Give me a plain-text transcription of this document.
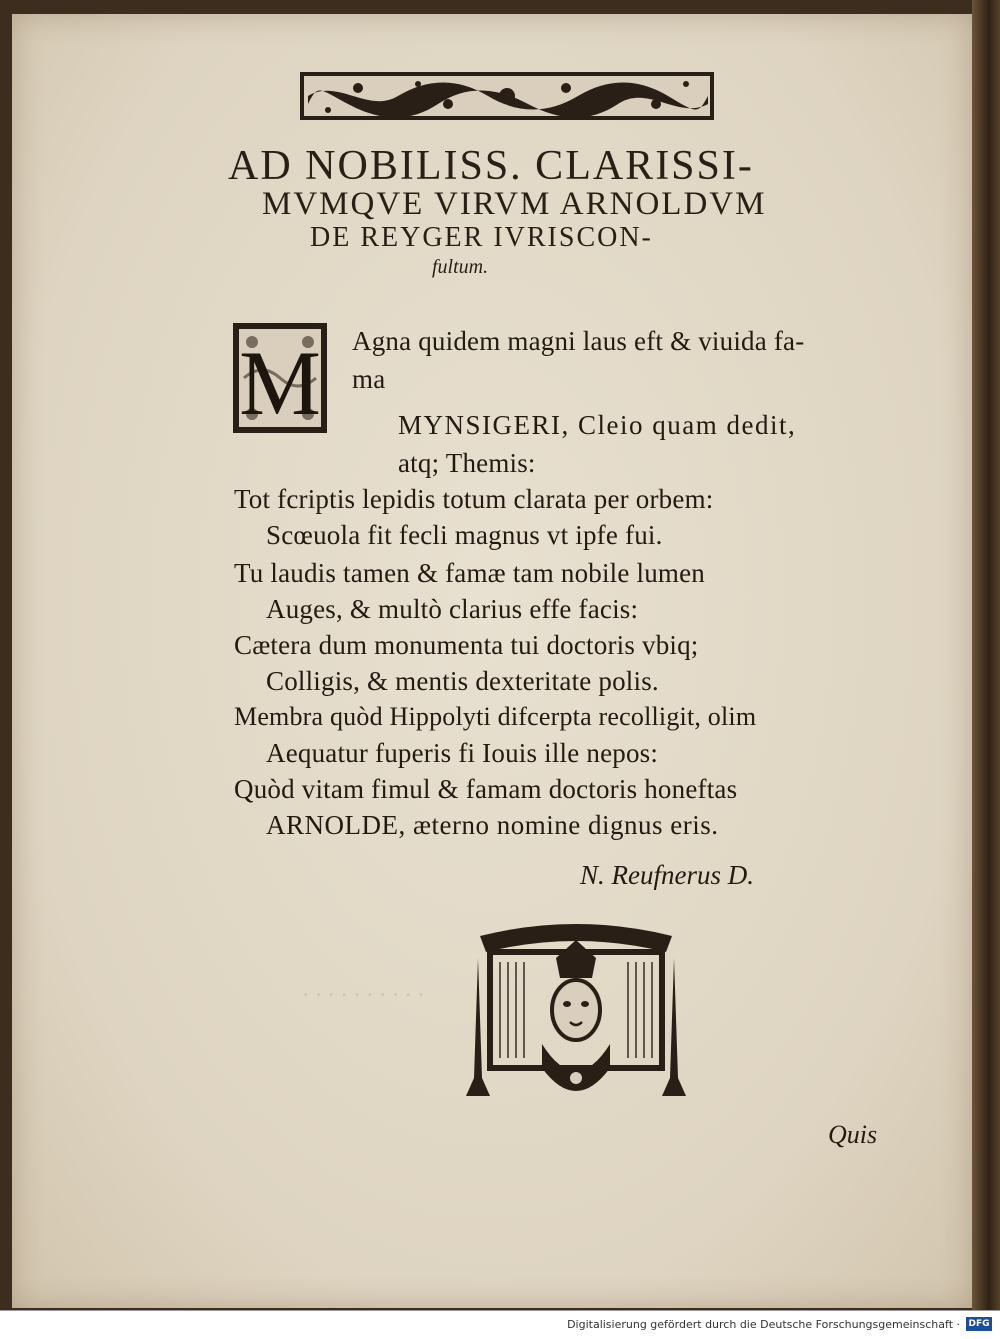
· · · · · · · · · ·
AD NOBILISS. CLARISSI-
MVMQVE VIRVM ARNOLDVM
DE REYGER IVRISCON-
fultum.
M Agna quidem magni laus eft & viuida fa-
ma
MYNSIGERI, Cleio quam dedit,
atq; Themis:
Tot fcriptis lepidis totum clarata per orbem:
Scœuola fit fecli magnus vt ipfe fui.
Tu laudis tamen & famæ tam nobile lumen
Auges, & multò clarius effe facis:
Cætera dum monumenta tui doctoris vbiq;
Colligis, & mentis dexteritate polis.
Membra quòd Hippolyti difcerpta recolligit, olim
Aequatur fuperis fi Iouis ille nepos:
Quòd vitam fimul & famam doctoris honeftas
ARNOLDE, æterno nomine dignus eris.
N. Reufnerus D.
Quis
Digitalisierung gefördert durch die Deutsche Forschungsgemeinschaft · DFG
